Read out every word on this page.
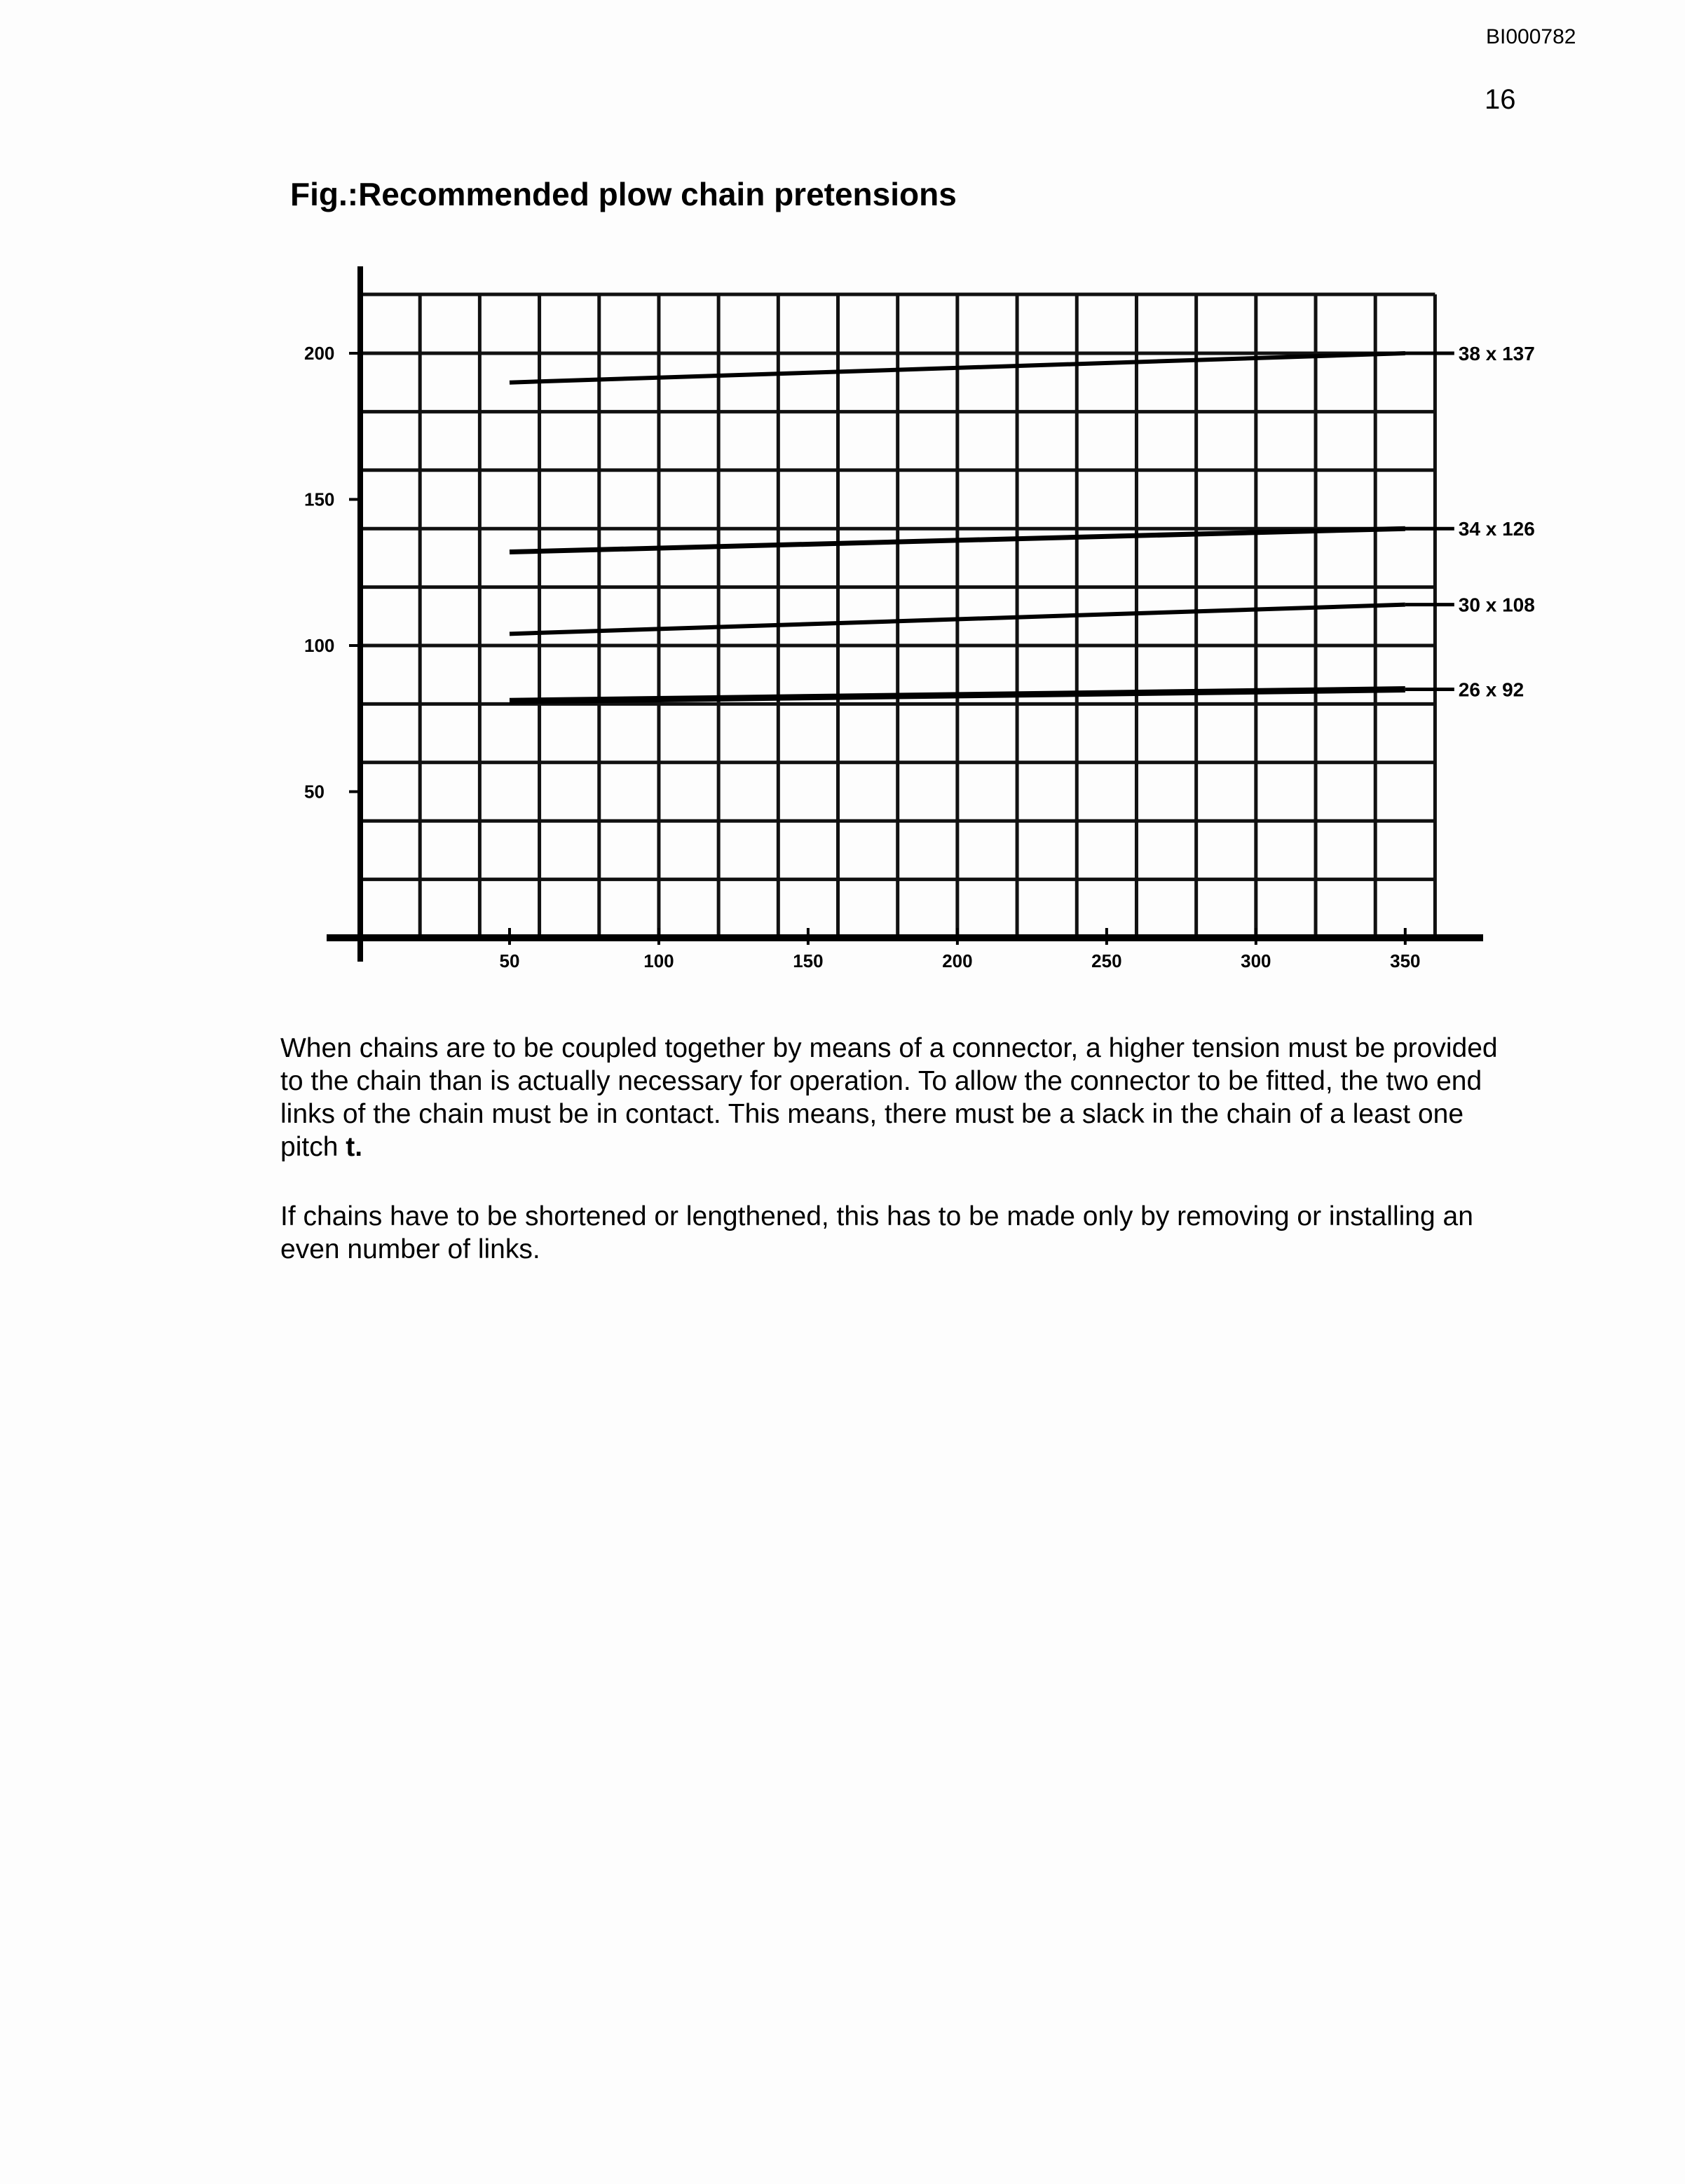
BI000782
16
Fig.:Recommended plow chain pretensions
50	100	150	200	250	300	350
50
100
150
200	38 x 137
34 x 126
30 x 108
26 x 92

When chains are to be coupled together by means of a connector, a higher tension must be provided to the chain than is actually necessary for operation. To allow the connector to be fitted, the two end links of the chain must be in contact. This means, there must be a slack in the chain of a least one pitch t.

If chains have to be shortened or lengthened, this has to be made only by removing or installing an even number of links.
